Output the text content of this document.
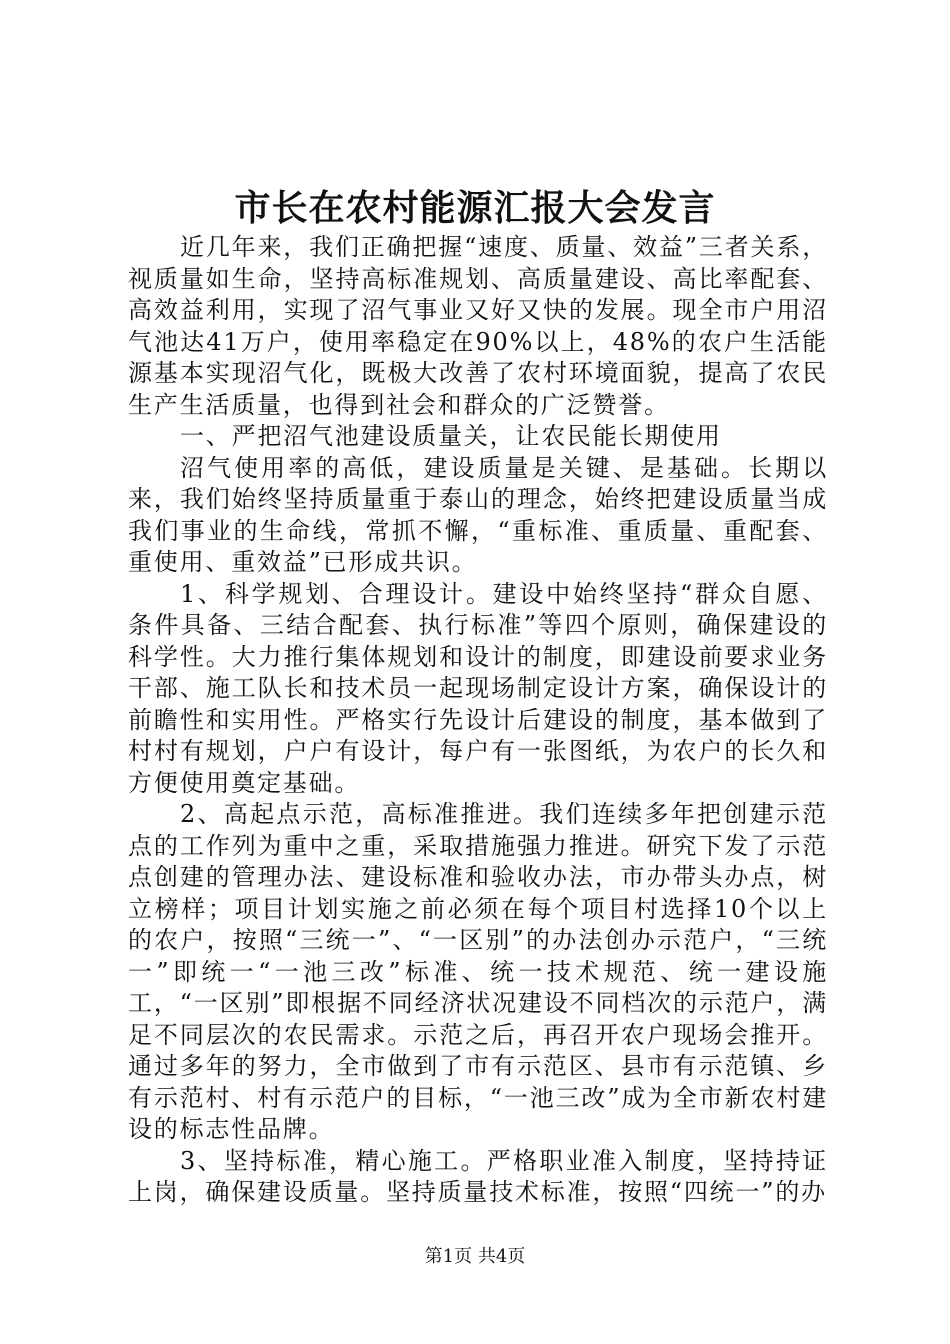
市长在农村能源汇报大会发言

近几年来，我们正确把握“速度、质量、效益”三者关系，视质量如生命，坚持高标准规划、高质量建设、高比率配套、高效益利用，实现了沼气事业又好又快的发展。现全市户用沼气池达41万户，使用率稳定在90%以上，48%的农户生活能源基本实现沼气化，既极大改善了农村环境面貌，提高了农民生产生活质量，也得到社会和群众的广泛赞誉。

一、严把沼气池建设质量关，让农民能长期使用

沼气使用率的高低，建设质量是关键、是基础。长期以来，我们始终坚持质量重于泰山的理念，始终把建设质量当成我们事业的生命线，常抓不懈，“重标准、重质量、重配套、重使用、重效益”已形成共识。

1、科学规划、合理设计。建设中始终坚持“群众自愿、条件具备、三结合配套、执行标准”等四个原则，确保建设的科学性。大力推行集体规划和设计的制度，即建设前要求业务干部、施工队长和技术员一起现场制定设计方案，确保设计的前瞻性和实用性。严格实行先设计后建设的制度，基本做到了村村有规划，户户有设计，每户有一张图纸，为农户的长久和方便使用奠定基础。

2、高起点示范，高标准推进。我们连续多年把创建示范点的工作列为重中之重，采取措施强力推进。研究下发了示范点创建的管理办法、建设标准和验收办法，市办带头办点，树立榜样；项目计划实施之前必须在每个项目村选择10个以上的农户，按照“三统一”、“一区别”的办法创办示范户，“三统一”即统一“一池三改”标准、统一技术规范、统一建设施工，“一区别”即根据不同经济状况建设不同档次的示范户，满足不同层次的农民需求。示范之后，再召开农户现场会推开。通过多年的努力，全市做到了市有示范区、县市有示范镇、乡有示范村、村有示范户的目标，“一池三改”成为全市新农村建设的标志性品牌。

3、坚持标准，精心施工。严格职业准入制度，坚持持证上岗，确保建设质量。坚持质量技术标准，按照“四统一”的办

第1页 共4页
